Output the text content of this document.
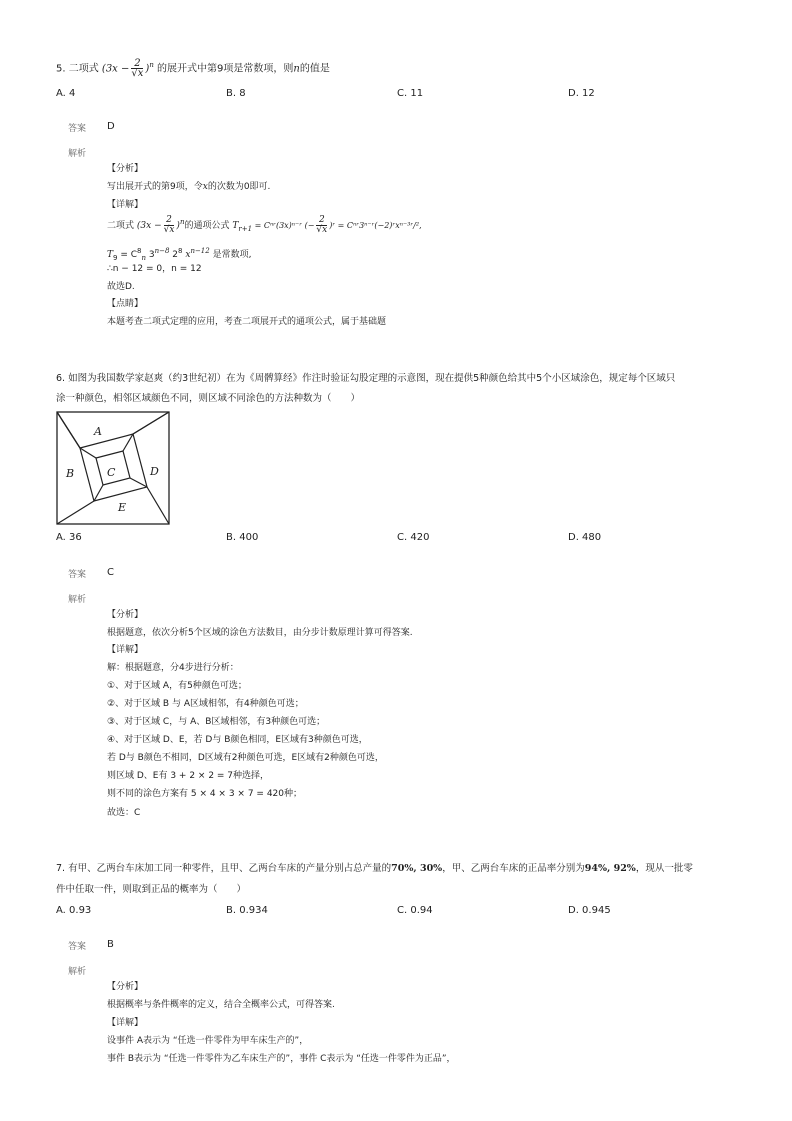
5. 二项式 $(3x - \frac{2}{√x} )^n$ 的展开式中第9项是常数项，则n的值是
A. 4	B. 8	C. 11	D. 12
答案 D
解析
【分析】
写出展开式的第9项，令x的次数为0即可.
【详解】
二项式 $(3x - \frac{2}{√x} )^n$的通项公式 $T_{r+1}$ = Cⁿʳ(3x)ⁿ⁻ʳ (− $\frac{2}{√x}$ )ʳ = Cⁿʳ3ⁿ⁻ʳ(−2)ʳxⁿ⁻³ʳ/²,
$T_9 = C^8_n$ $3^{n-8}$ $2^8$ $x^{n-12}$ 是常数项,
∴n − 12 = 0，n = 12
故选D.
【点睛】
本题考查二项式定理的应用，考查二项展开式的通项公式，属于基础题
6. 如图为我国数学家赵爽（约3世纪初）在为《周髀算经》作注时验证勾股定理的示意图，现在提供5种颜色给其中5个小区域涂色，规定每个区域只
涂一种颜色，相邻区域颜色不同，则区域不同涂色的方法种数为（　　）
A
B	C	D
E
A. 36	B. 400	C. 420	D. 480
答案 C
解析
【分析】
根据题意，依次分析5个区域的涂色方法数目，由分步计数原理计算可得答案.
【详解】
解：根据题意，分4步进行分析：
①、对于区域 A，有5种颜色可选；
②、对于区域 B 与 A区域相邻，有4种颜色可选；
③、对于区域 C，与 A、B区域相邻，有3种颜色可选；
④、对于区域 D、E，若 D与 B颜色相同，E区域有3种颜色可选，
若 D与 B颜色不相同，D区域有2种颜色可选，E区域有2种颜色可选，
则区域 D、E有 3 + 2 × 2 = 7种选择，
则不同的涂色方案有 5 × 4 × 3 × 7 = 420种；
故选：C
7. 有甲、乙两台车床加工同一种零件，且甲、乙两台车床的产量分别占总产量的70%, 30%，甲、乙两台车床的正品率分别为94%, 92%，现从一批零
件中任取一件，则取到正品的概率为（　　）
A. 0.93	B. 0.934	C. 0.94	D. 0.945
答案 B
解析
【分析】
根据概率与条件概率的定义，结合全概率公式，可得答案.
【详解】
设事件 A表示为 “任选一件零件为甲车床生产的”，
事件 B表示为 “任选一件零件为乙车床生产的”，事件 C表示为 “任选一件零件为正品”，
